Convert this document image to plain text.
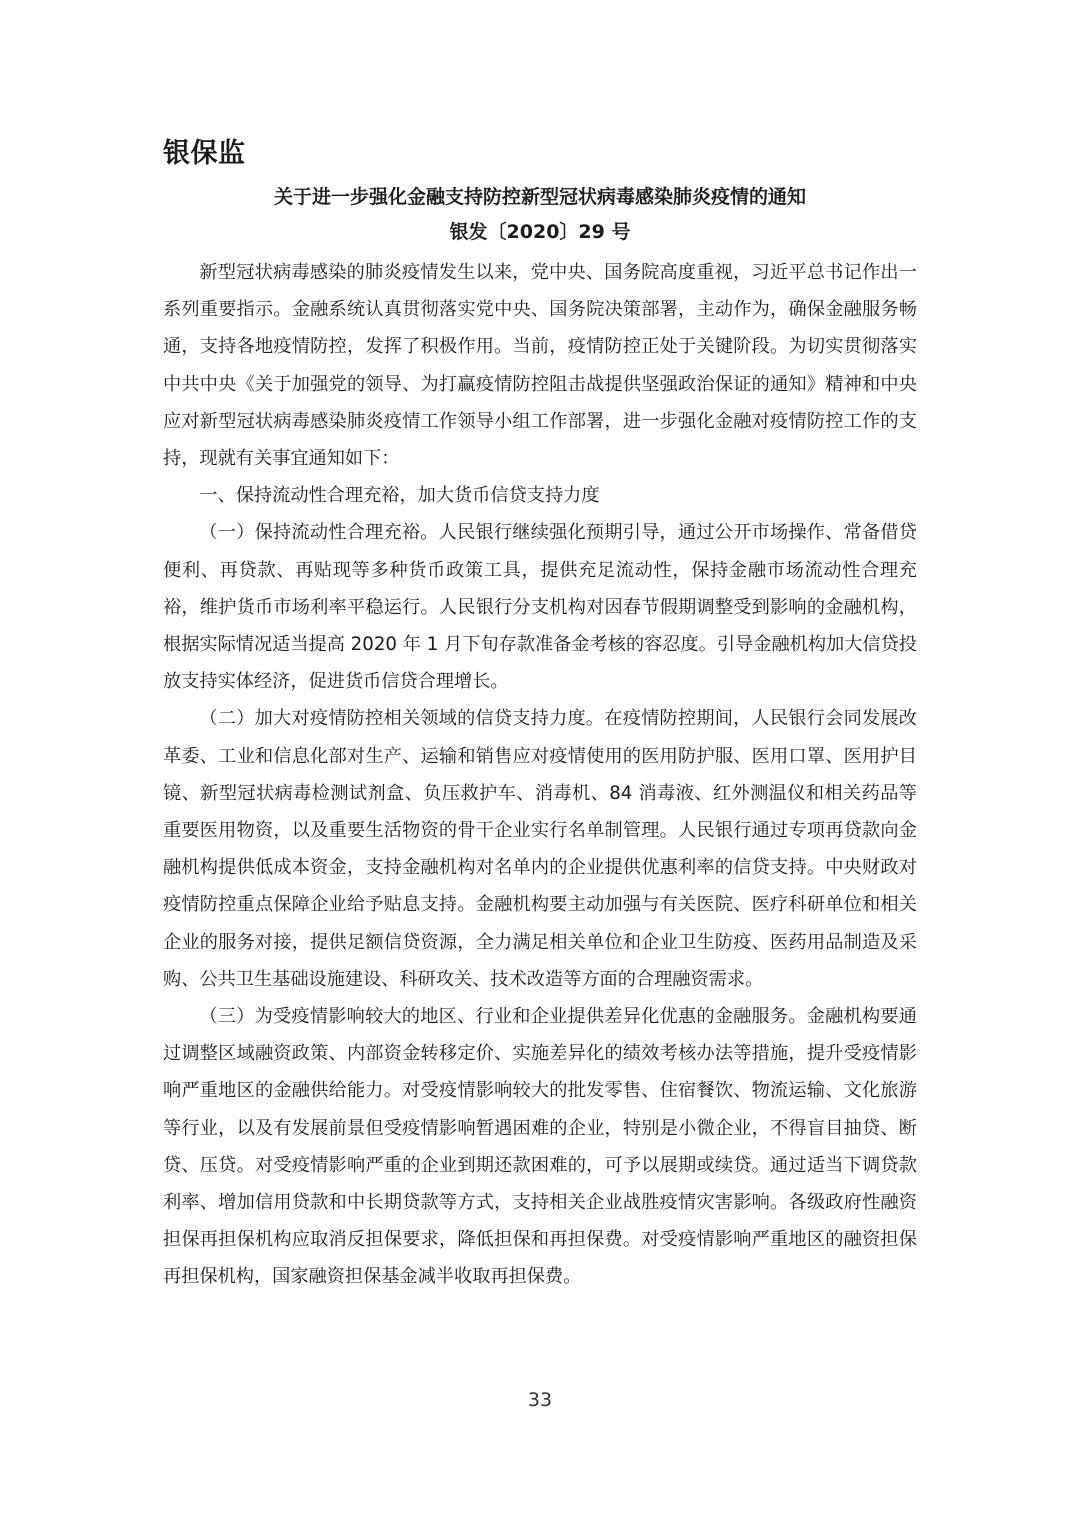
银保监
关于进一步强化金融支持防控新型冠状病毒感染肺炎疫情的通知
银发〔2020〕29 号

新型冠状病毒感染的肺炎疫情发生以来，党中央、国务院高度重视，习近平总书记作出一系列重要指示。金融系统认真贯彻落实党中央、国务院决策部署，主动作为，确保金融服务畅通，支持各地疫情防控，发挥了积极作用。当前，疫情防控正处于关键阶段。为切实贯彻落实中共中央《关于加强党的领导、为打赢疫情防控阻击战提供坚强政治保证的通知》精神和中央应对新型冠状病毒感染肺炎疫情工作领导小组工作部署，进一步强化金融对疫情防控工作的支持，现就有关事宜通知如下：

一、保持流动性合理充裕，加大货币信贷支持力度

（一）保持流动性合理充裕。人民银行继续强化预期引导，通过公开市场操作、常备借贷便利、再贷款、再贴现等多种货币政策工具，提供充足流动性，保持金融市场流动性合理充裕，维护货币市场利率平稳运行。人民银行分支机构对因春节假期调整受到影响的金融机构，根据实际情况适当提高 2020 年 1 月下旬存款准备金考核的容忍度。引导金融机构加大信贷投放支持实体经济，促进货币信贷合理增长。

（二）加大对疫情防控相关领域的信贷支持力度。在疫情防控期间，人民银行会同发展改革委、工业和信息化部对生产、运输和销售应对疫情使用的医用防护服、医用口罩、医用护目镜、新型冠状病毒检测试剂盒、负压救护车、消毒机、84 消毒液、红外测温仪和相关药品等重要医用物资，以及重要生活物资的骨干企业实行名单制管理。人民银行通过专项再贷款向金融机构提供低成本资金，支持金融机构对名单内的企业提供优惠利率的信贷支持。中央财政对疫情防控重点保障企业给予贴息支持。金融机构要主动加强与有关医院、医疗科研单位和相关企业的服务对接，提供足额信贷资源，全力满足相关单位和企业卫生防疫、医药用品制造及采购、公共卫生基础设施建设、科研攻关、技术改造等方面的合理融资需求。

（三）为受疫情影响较大的地区、行业和企业提供差异化优惠的金融服务。金融机构要通过调整区域融资政策、内部资金转移定价、实施差异化的绩效考核办法等措施，提升受疫情影响严重地区的金融供给能力。对受疫情影响较大的批发零售、住宿餐饮、物流运输、文化旅游等行业，以及有发展前景但受疫情影响暂遇困难的企业，特别是小微企业，不得盲目抽贷、断贷、压贷。对受疫情影响严重的企业到期还款困难的，可予以展期或续贷。通过适当下调贷款利率、增加信用贷款和中长期贷款等方式，支持相关企业战胜疫情灾害影响。各级政府性融资担保再担保机构应取消反担保要求，降低担保和再担保费。对受疫情影响严重地区的融资担保再担保机构，国家融资担保基金减半收取再担保费。

33
